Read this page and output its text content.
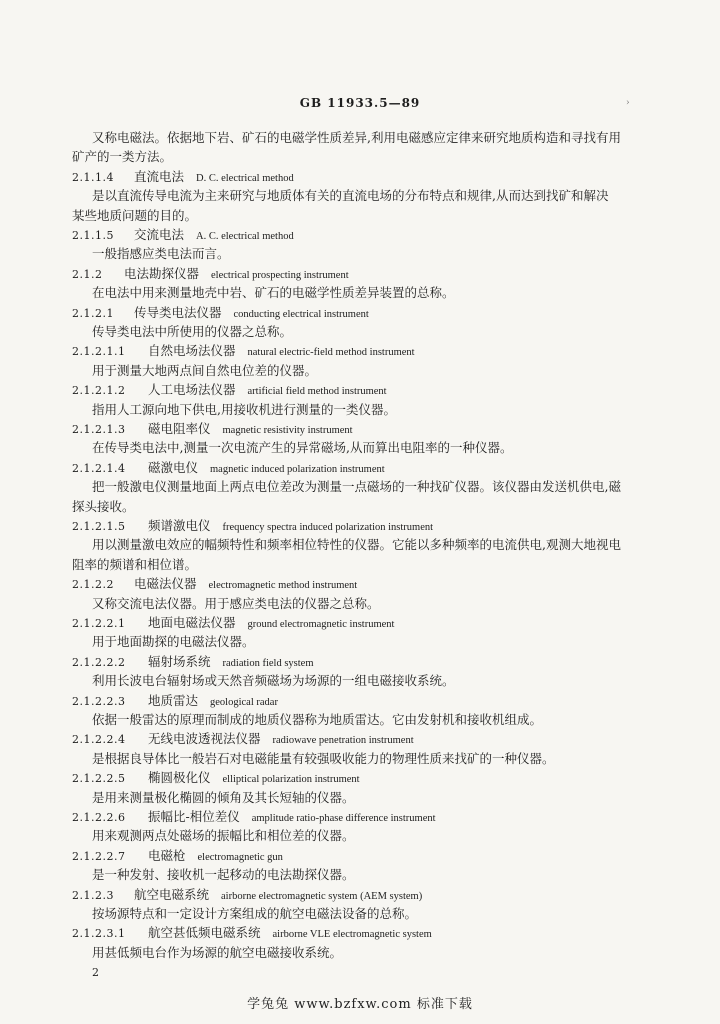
GB 11933.5—89	›
又称电磁法。依据地下岩、矿石的电磁学性质差异,利用电磁感应定律来研究地质构造和寻找有用
矿产的一类方法。
2.1.1.4 直流电法 D. C. electrical method
是以直流传导电流为主来研究与地质体有关的直流电场的分布特点和规律,从而达到找矿和解决
某些地质问题的目的。
2.1.1.5 交流电法 A. C. electrical method
一般指感应类电法而言。
2.1.2 电法勘探仪器 electrical prospecting instrument
在电法中用来测量地壳中岩、矿石的电磁学性质差异装置的总称。
2.1.2.1 传导类电法仪器 conducting electrical instrument
传导类电法中所使用的仪器之总称。
2.1.2.1.1 自然电场法仪器 natural electric-field method instrument
用于测量大地两点间自然电位差的仪器。
2.1.2.1.2 人工电场法仪器 artificial field method instrument
指用人工源向地下供电,用接收机进行测量的一类仪器。
2.1.2.1.3 磁电阻率仪 magnetic resistivity instrument
在传导类电法中,测量一次电流产生的异常磁场,从而算出电阻率的一种仪器。
2.1.2.1.4 磁激电仪 magnetic induced polarization instrument
把一般激电仪测量地面上两点电位差改为测量一点磁场的一种找矿仪器。该仪器由发送机供电,磁
探头接收。
2.1.2.1.5 频谱激电仪 frequency spectra induced polarization instrument
用以测量激电效应的幅频特性和频率相位特性的仪器。它能以多种频率的电流供电,观测大地视电
阻率的频谱和相位谱。
2.1.2.2 电磁法仪器 electromagnetic method instrument
又称交流电法仪器。用于感应类电法的仪器之总称。
2.1.2.2.1 地面电磁法仪器 ground electromagnetic instrument
用于地面勘探的电磁法仪器。
2.1.2.2.2 辐射场系统 radiation field system
利用长波电台辐射场或天然音频磁场为场源的一组电磁接收系统。
2.1.2.2.3 地质雷达 geological radar
依据一般雷达的原理而制成的地质仪器称为地质雷达。它由发射机和接收机组成。
2.1.2.2.4 无线电波透视法仪器 radiowave penetration instrument
是根据良导体比一般岩石对电磁能量有较强吸收能力的物理性质来找矿的一种仪器。
2.1.2.2.5 椭圆极化仪 elliptical polarization instrument
是用来测量极化椭圆的倾角及其长短轴的仪器。
2.1.2.2.6 振幅比-相位差仪 amplitude ratio-phase difference instrument
用来观测两点处磁场的振幅比和相位差的仪器。
2.1.2.2.7 电磁枪 electromagnetic gun
是一种发射、接收机一起移动的电法勘探仪器。
2.1.2.3 航空电磁系统 airborne electromagnetic system (AEM system)
按场源特点和一定设计方案组成的航空电磁法设备的总称。
2.1.2.3.1 航空甚低频电磁系统 airborne VLE electromagnetic system
用甚低频电台作为场源的航空电磁接收系统。
2
学兔兔 www.bzfxw.com 标准下载
